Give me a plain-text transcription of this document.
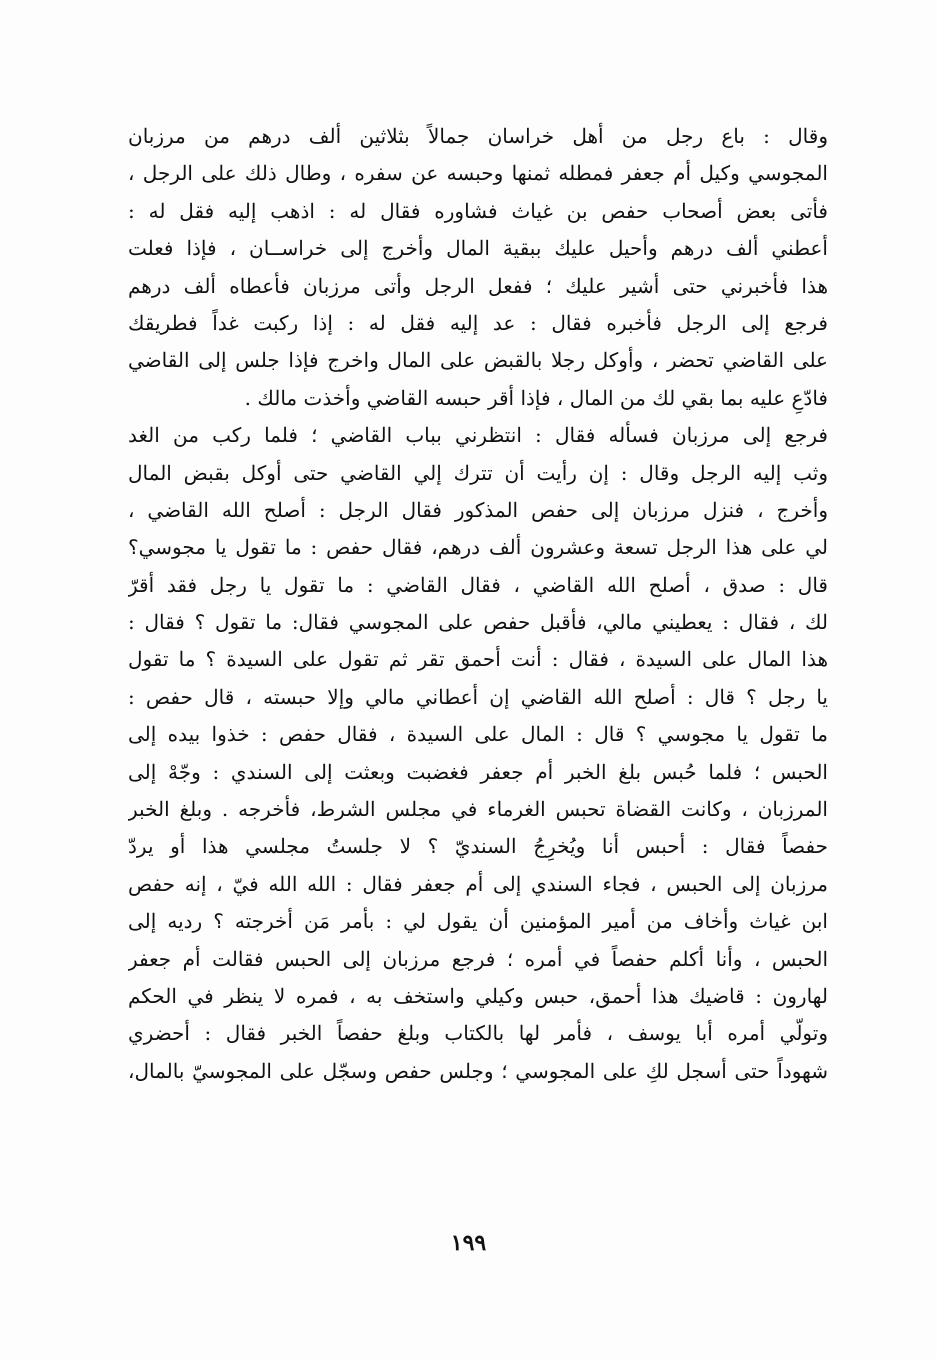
وقال : باع رجل من أهل خراسان جمالاً بثلاثين ألف درهم من مرزبان
المجوسي وكيل أم جعفر فمطله ثمنها وحبسه عن سفره ، وطال ذلك على الرجل ،
فأتى بعض أصحاب حفص بن غياث فشاوره فقال له : اذهب إليه فقل له :
أعطني ألف درهم وأحيل عليك ببقية المال وأخرج إلى خراســان ، فإذا فعلت
هذا فأخبرني حتى أشير عليك ؛ ففعل الرجل وأتى مرزبان فأعطاه ألف درهم
فرجع إلى الرجل فأخبره فقال : عد إليه فقل له : إذا ركبت غداً فطريقك
على القاضي تحضر ، وأوكل رجلا بالقبض على المال واخرج فإذا جلس إلى القاضي
فادّعِ عليه بما بقي لك من المال ، فإذا أقر حبسه القاضي وأخذت مالك .
فرجع إلى مرزبان فسأله فقال : انتظرني بباب القاضي ؛ فلما ركب من الغد
وثب إليه الرجل وقال : إن رأيت أن تترك إلي القاضي حتى أوكل بقبض المال
وأخرج ، فنزل مرزبان إلى حفص المذكور فقال الرجل : أصلح الله القاضي ،
لي على هذا الرجل تسعة وعشرون ألف درهم، فقال حفص : ما تقول يا مجوسي؟
قال : صدق ، أصلح الله القاضي ، فقال القاضي : ما تقول يا رجل فقد أقرّ
لك ، فقال : يعطيني مالي، فأقبل حفص على المجوسي فقال: ما تقول ؟ فقال :
هذا المال على السيدة ، فقال : أنت أحمق تقر ثم تقول على السيدة ؟ ما تقول
يا رجل ؟ قال : أصلح الله القاضي إن أعطاني مالي وإلا حبسته ، قال حفص :
ما تقول يا مجوسي ؟ قال : المال على السيدة ، فقال حفص : خذوا بيده إلى
الحبس ؛ فلما حُبس بلغ الخبر أم جعفر فغضبت وبعثت إلى السندي : وجّهْ إلى
المرزبان ، وكانت القضاة تحبس الغرماء في مجلس الشرط، فأخرجه . وبلغ الخبر
حفصاً فقال : أحبس أنا ويُخرِجُ السنديّ ؟ لا جلستُ مجلسي هذا أو يردّ
مرزبان إلى الحبس ، فجاء السندي إلى أم جعفر فقال : الله الله فيّ ، إنه حفص
ابن غياث وأخاف من أمير المؤمنين أن يقول لي : بأمر مَن أخرجته ؟ رديه إلى
الحبس ، وأنا أكلم حفصاً في أمره ؛ فرجع مرزبان إلى الحبس فقالت أم جعفر
لهارون : قاضيك هذا أحمق، حبس وكيلي واستخف به ، فمره لا ينظر في الحكم
وتولّي أمره أبا يوسف ، فأمر لها بالكتاب وبلغ حفصاً الخبر فقال : أحضري
شهوداً حتى أسجل لكِ على المجوسي ؛ وجلس حفص وسجّل على المجوسيّ بالمال،
١٩٩
